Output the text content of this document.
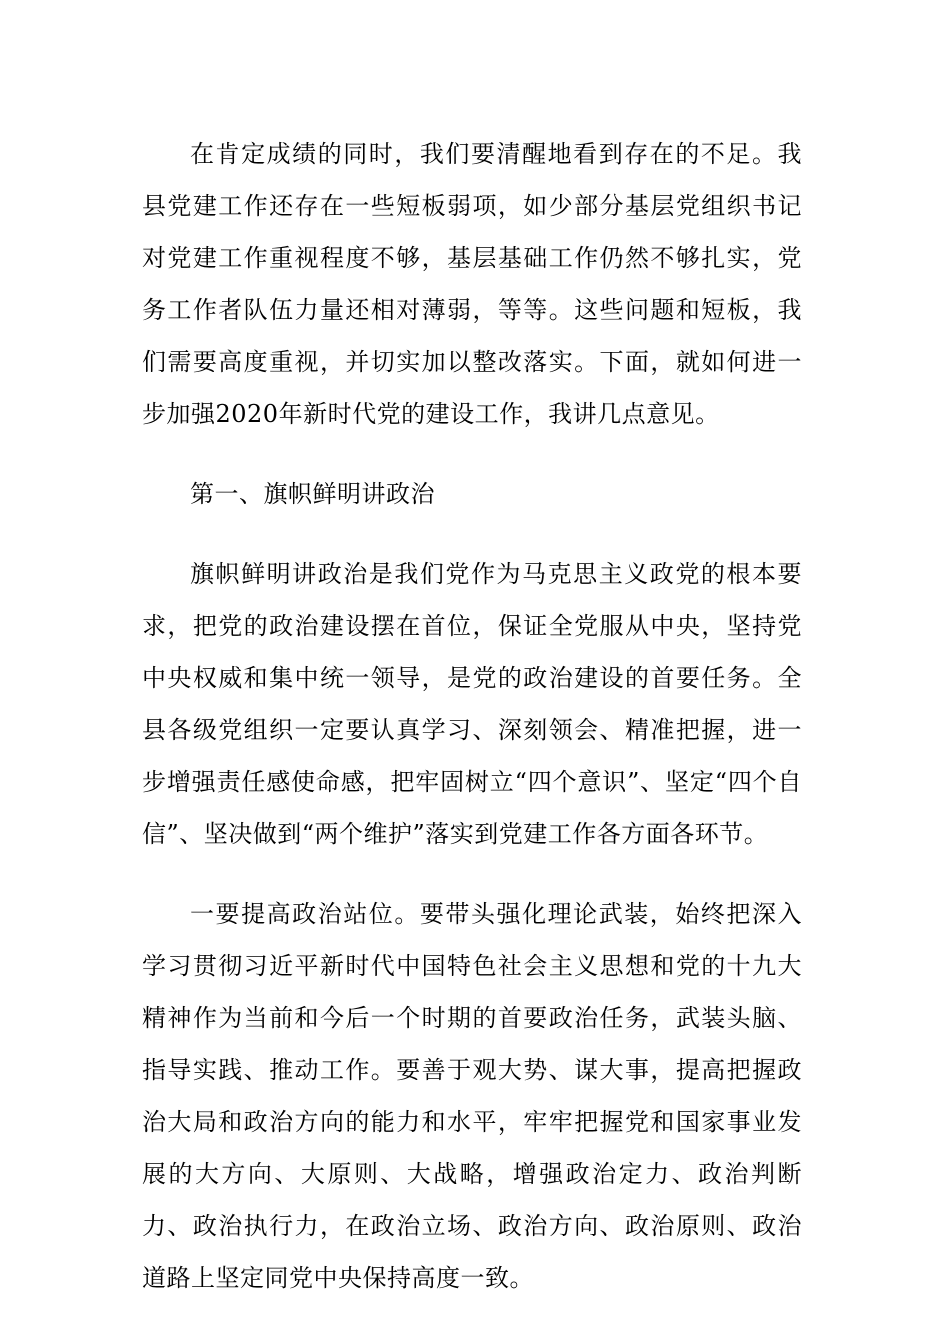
在肯定成绩的同时，我们要清醒地看到存在的不足。我县党建工作还存在一些短板弱项，如少部分基层党组织书记对党建工作重视程度不够，基层基础工作仍然不够扎实，党务工作者队伍力量还相对薄弱，等等。这些问题和短板，我们需要高度重视，并切实加以整改落实。下面，就如何进一步加强2020年新时代党的建设工作，我讲几点意见。

第一、旗帜鲜明讲政治

旗帜鲜明讲政治是我们党作为马克思主义政党的根本要求，把党的政治建设摆在首位，保证全党服从中央，坚持党中央权威和集中统一领导，是党的政治建设的首要任务。全县各级党组织一定要认真学习、深刻领会、精准把握，进一步增强责任感使命感，把牢固树立“四个意识”、坚定“四个自信”、坚决做到“两个维护”落实到党建工作各方面各环节。

一要提高政治站位。要带头强化理论武装，始终把深入学习贯彻习近平新时代中国特色社会主义思想和党的十九大精神作为当前和今后一个时期的首要政治任务，武装头脑、指导实践、推动工作。要善于观大势、谋大事，提高把握政治大局和政治方向的能力和水平，牢牢把握党和国家事业发展的大方向、大原则、大战略，增强政治定力、政治判断力、政治执行力，在政治立场、政治方向、政治原则、政治道路上坚定同党中央保持高度一致。
